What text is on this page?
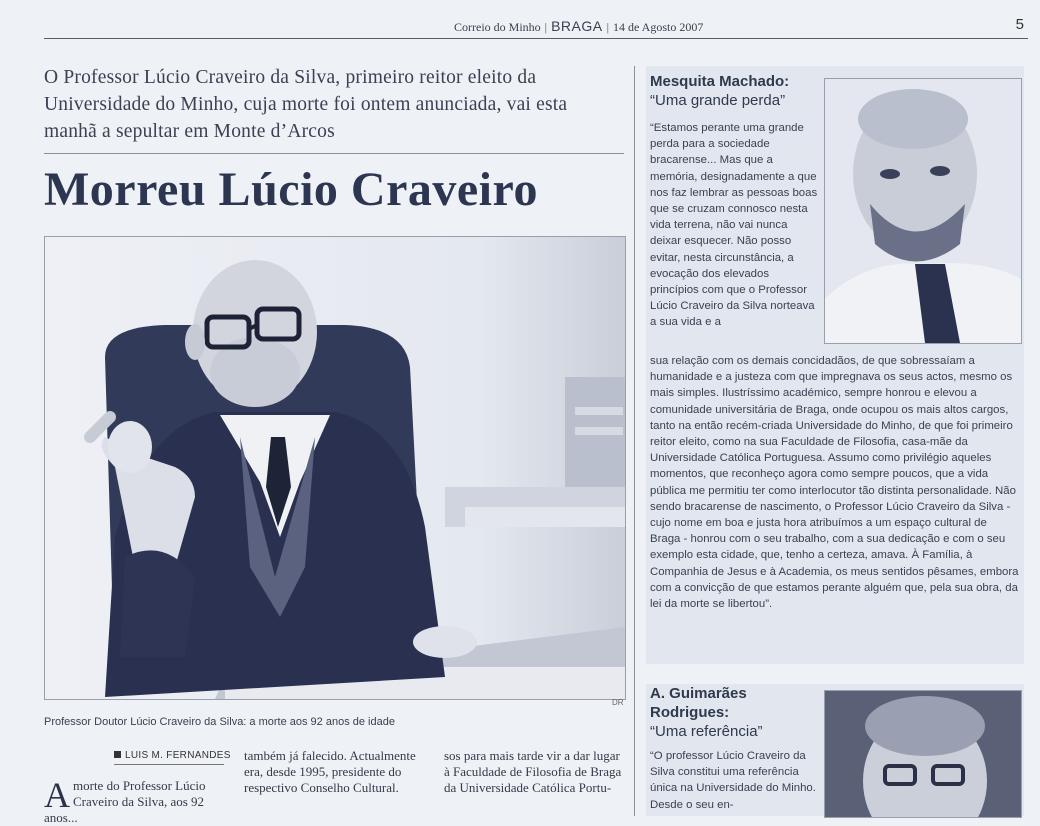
Correio do Minho | BRAGA | 14 de Agosto 2007	5
O Professor Lúcio Craveiro da Silva, primeiro reitor eleito da Universidade do Minho, cuja morte foi ontem anunciada, vai esta manhã a sepultar em Monte d’Arcos
Morreu Lúcio Craveiro
DR
Professor Doutor Lúcio Craveiro da Silva: a morte aos 92 anos de idade
LUIS M. FERNANDES
Amorte do Professor Lúcio Craveiro da Silva, aos 92 anos...
também já falecido. Actualmente era, desde 1995, presidente do respectivo Conselho Cultural.
sos para mais tarde vir a dar lugar à Faculdade de Filosofia de Braga da Universidade Católica Portu-
Mesquita Machado:
“Uma grande perda”
“Estamos perante uma grande perda para a sociedade bracarense... Mas que a memória, designadamente a que nos faz lembrar as pessoas boas que se cruzam connosco nesta vida terrena, não vai nunca deixar esquecer. Não posso evitar, nesta circunstância, a evocação dos elevados princípios com que o Professor Lúcio Craveiro da Silva norteava a sua vida e a
sua relação com os demais concidadãos, de que sobressaíam a humanidade e a justeza com que impregnava os seus actos, mesmo os mais simples. Ilustríssimo académico, sempre honrou e elevou a comunidade universitária de Braga, onde ocupou os mais altos cargos, tanto na então recém-criada Universidade do Minho, de que foi primeiro reitor eleito, como na sua Faculdade de Filosofia, casa-mãe da Universidade Católica Portuguesa. Assumo como privilégio aqueles momentos, que reconheço agora como sempre poucos, que a vida pública me permitiu ter como interlocutor tão distinta personalidade. Não sendo bracarense de nascimento, o Professor Lúcio Craveiro da Silva - cujo nome em boa e justa hora atribuímos a um espaço cultural de Braga - honrou com o seu trabalho, com a sua dedicação e com o seu exemplo esta cidade, que, tenho a certeza, amava. À Família, à Companhia de Jesus e à Academia, os meus sentidos pêsames, embora com a convicção de que estamos perante alguém que, pela sua obra, da lei da morte se libertou”.
A. Guimarães Rodrigues:
“Uma referência”
“O professor Lúcio Craveiro da Silva constitui uma referência única na Universidade do Minho. Desde o seu en-
